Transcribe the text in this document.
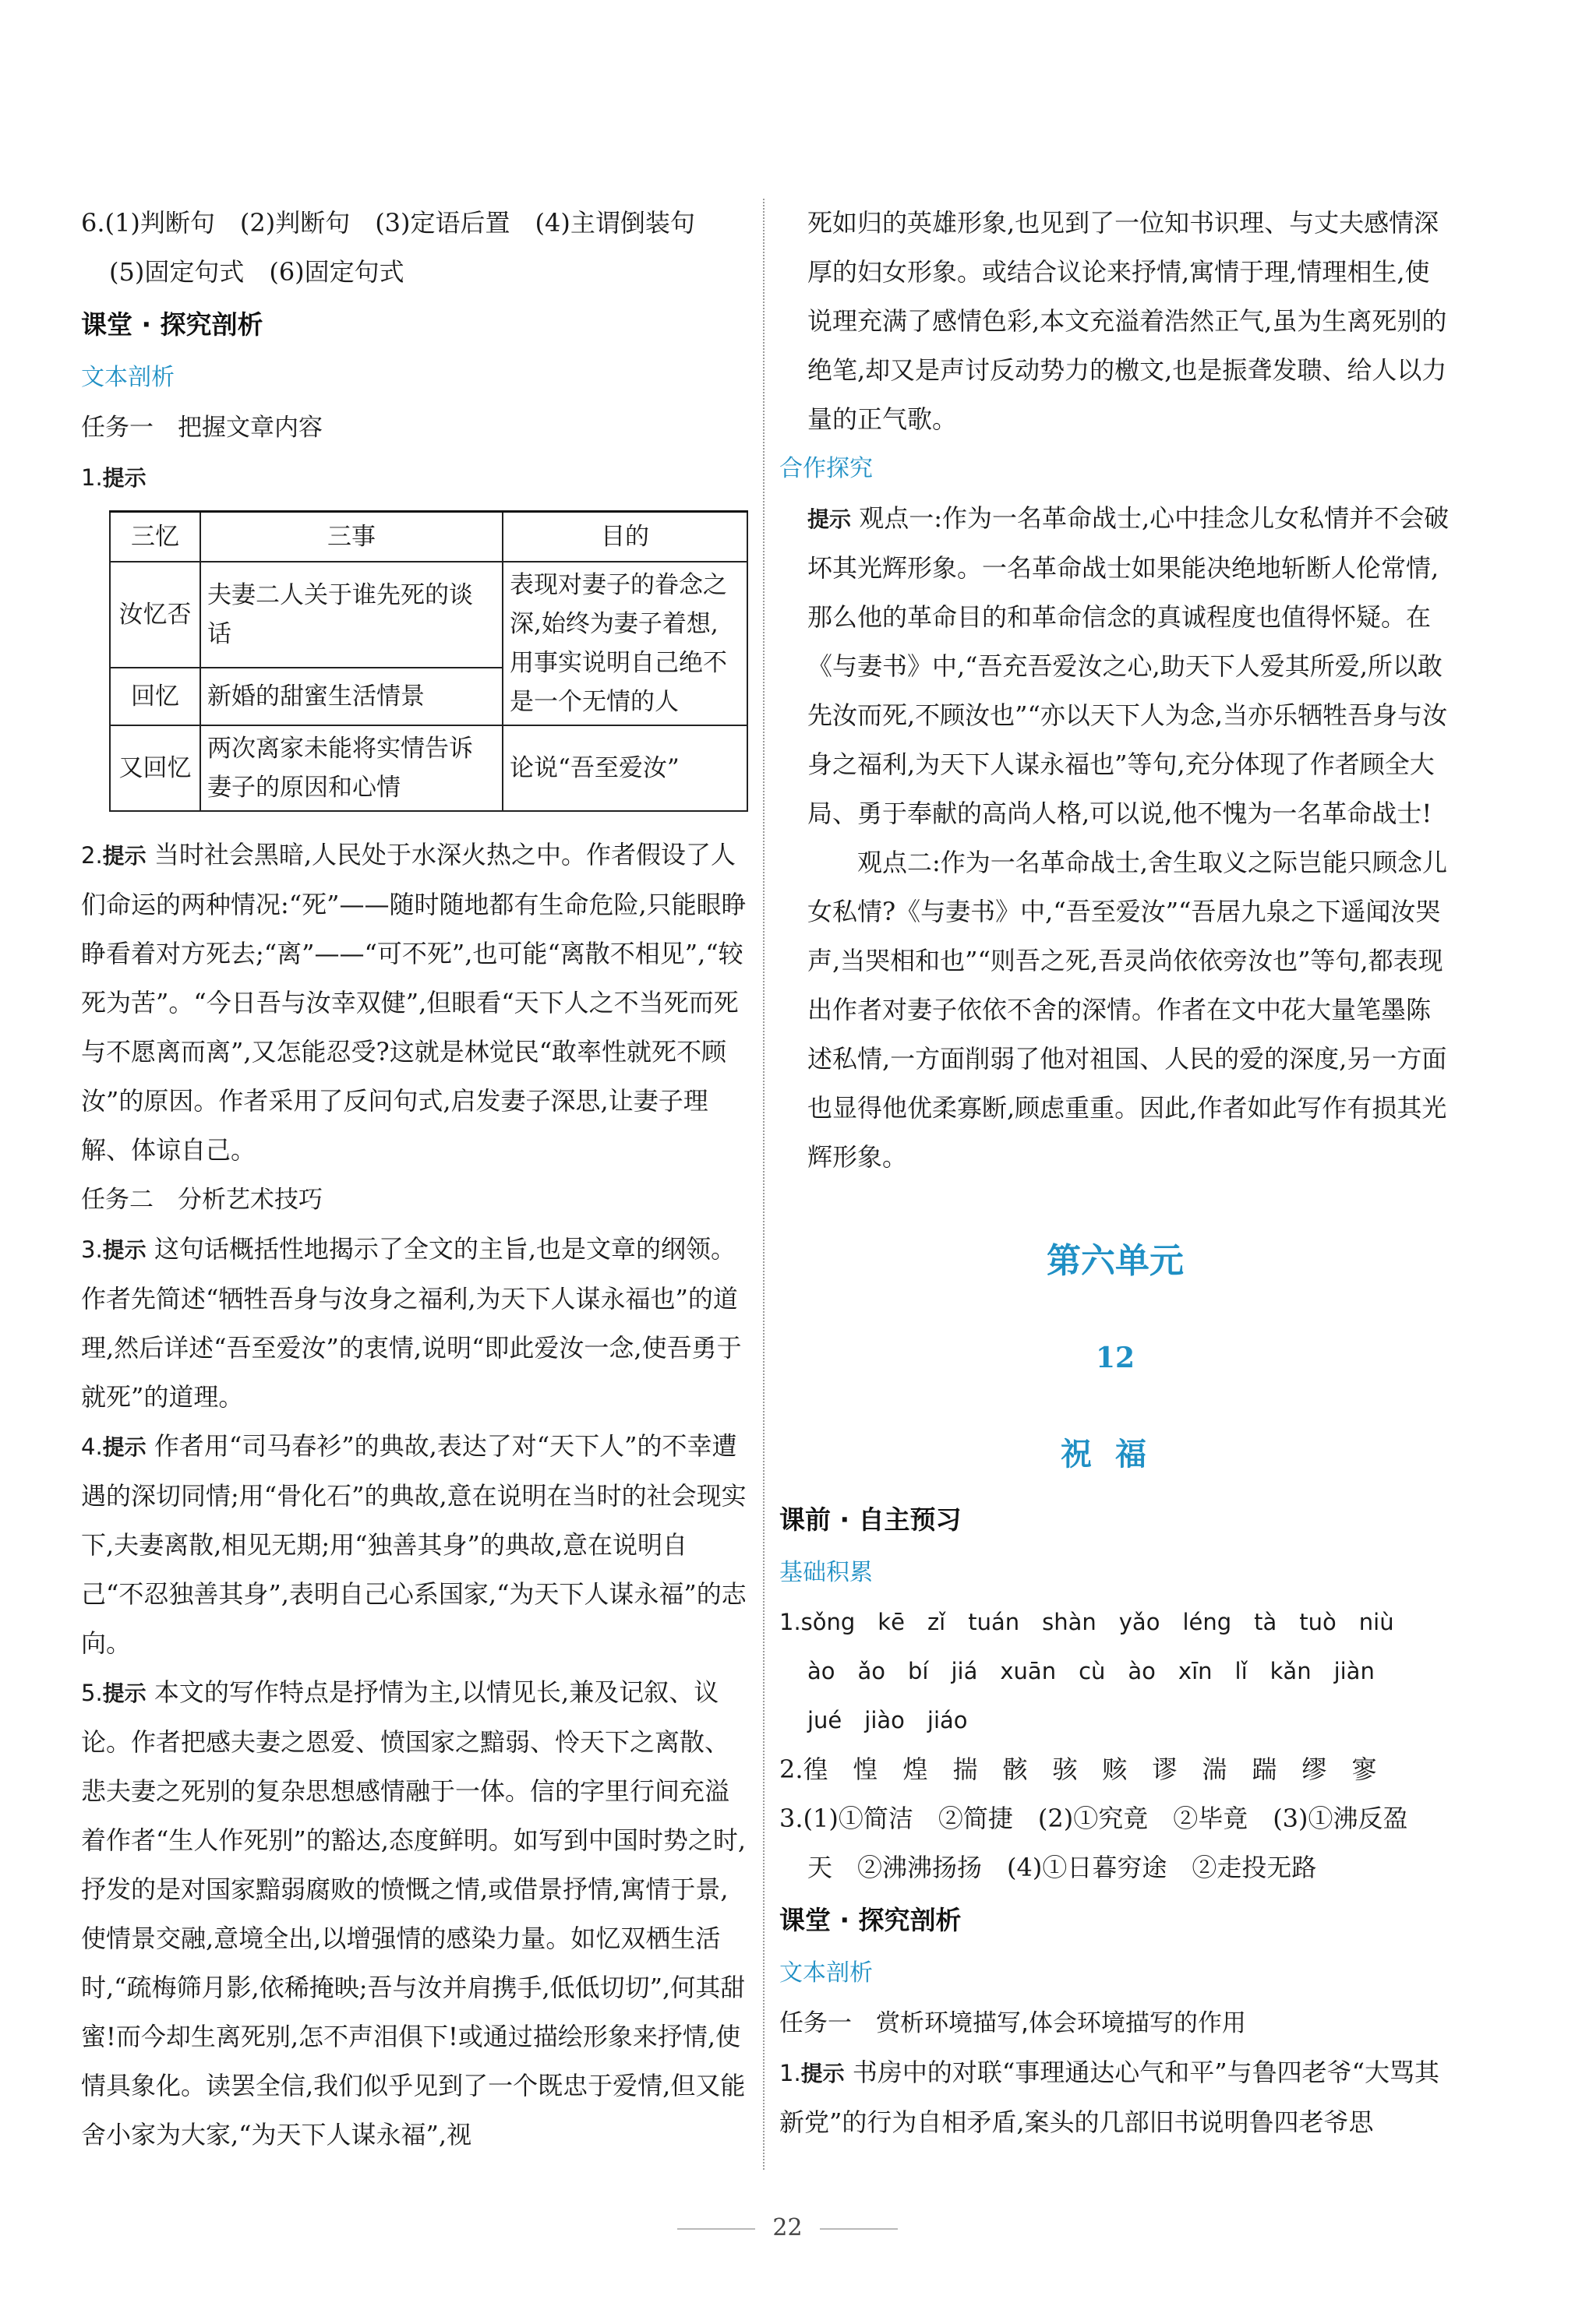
6.(1)判断句　(2)判断句　(3)定语后置　(4)主谓倒装句
(5)固定句式　(6)固定句式
课堂 · 探究剖析
文本剖析
任务一　把握文章内容
1.提示
三忆	三事	目的
汝忆否	夫妻二人关于谁先死的谈话	表现对妻子的眷念之深,始终为妻子着想,用事实说明自己绝不是一个无情的人
回忆	新婚的甜蜜生活情景	
又回忆	两次离家未能将实情告诉妻子的原因和心情	论说“吾至爱汝”

2.提示 当时社会黑暗,人民处于水深火热之中。作者假设了人们命运的两种情况:“死”——随时随地都有生命危险,只能眼睁睁看着对方死去;“离”——“可不死”,也可能“离散不相见”,“较死为苦”。“今日吾与汝幸双健”,但眼看“天下人之不当死而死与不愿离而离”,又怎能忍受?这就是林觉民“敢率性就死不顾汝”的原因。作者采用了反问句式,启发妻子深思,让妻子理解、体谅自己。

任务二　分析艺术技巧

3.提示 这句话概括性地揭示了全文的主旨,也是文章的纲领。作者先简述“牺牲吾身与汝身之福利,为天下人谋永福也”的道理,然后详述“吾至爱汝”的衷情,说明“即此爱汝一念,使吾勇于就死”的道理。

4.提示 作者用“司马春衫”的典故,表达了对“天下人”的不幸遭遇的深切同情;用“骨化石”的典故,意在说明在当时的社会现实下,夫妻离散,相见无期;用“独善其身”的典故,意在说明自己“不忍独善其身”,表明自己心系国家,“为天下人谋永福”的志向。

5.提示 本文的写作特点是抒情为主,以情见长,兼及记叙、议论。作者把感夫妻之恩爱、愤国家之黯弱、怜天下之离散、悲夫妻之死别的复杂思想感情融于一体。信的字里行间充溢着作者“生人作死别”的豁达,态度鲜明。如写到中国时势之时,抒发的是对国家黯弱腐败的愤慨之情,或借景抒情,寓情于景,使情景交融,意境全出,以增强情的感染力量。如忆双栖生活时,“疏梅筛月影,依稀掩映;吾与汝并肩携手,低低切切”,何其甜蜜!而今却生离死别,怎不声泪俱下!或通过描绘形象来抒情,使情具象化。读罢全信,我们似乎见到了一个既忠于爱情,但又能舍小家为大家,“为天下人谋永福”,视

死如归的英雄形象,也见到了一位知书识理、与丈夫感情深厚的妇女形象。或结合议论来抒情,寓情于理,情理相生,使说理充满了感情色彩,本文充溢着浩然正气,虽为生离死别的绝笔,却又是声讨反动势力的檄文,也是振聋发聩、给人以力量的正气歌。

合作探究

提示 观点一:作为一名革命战士,心中挂念儿女私情并不会破坏其光辉形象。一名革命战士如果能决绝地斩断人伦常情,那么他的革命目的和革命信念的真诚程度也值得怀疑。在《与妻书》中,“吾充吾爱汝之心,助天下人爱其所爱,所以敢先汝而死,不顾汝也”“亦以天下人为念,当亦乐牺牲吾身与汝身之福利,为天下人谋永福也”等句,充分体现了作者顾全大局、勇于奉献的高尚人格,可以说,他不愧为一名革命战士!

观点二:作为一名革命战士,舍生取义之际岂能只顾念儿女私情?《与妻书》中,“吾至爱汝”“吾居九泉之下遥闻汝哭声,当哭相和也”“则吾之死,吾灵尚依依旁汝也”等句,都表现出作者对妻子依依不舍的深情。作者在文中花大量笔墨陈述私情,一方面削弱了他对祖国、人民的爱的深度,另一方面也显得他优柔寡断,顾虑重重。因此,作者如此写作有损其光辉形象。

第六单元
12
祝福
课前 · 自主预习
基础积累
1.sǒng　kē　zǐ　tuán　shàn　yǎo　léng　tà　tuò　niù
ào　ǎo　bí　jiá　xuān　cù　ào　xīn　lǐ　kǎn　jiàn
jué　jiào　jiáo
2.徨　惶　煌　揣　骸　骇　赅　谬　湍　踹　缪　寥
3.(1)①简洁　②简捷　(2)①究竟　②毕竟　(3)①沸反盈
天　②沸沸扬扬　(4)①日暮穷途　②走投无路
课堂 · 探究剖析
文本剖析
任务一　赏析环境描写,体会环境描写的作用

1.提示 书房中的对联“事理通达心气和平”与鲁四老爷“大骂其新党”的行为自相矛盾,案头的几部旧书说明鲁四老爷思

22
